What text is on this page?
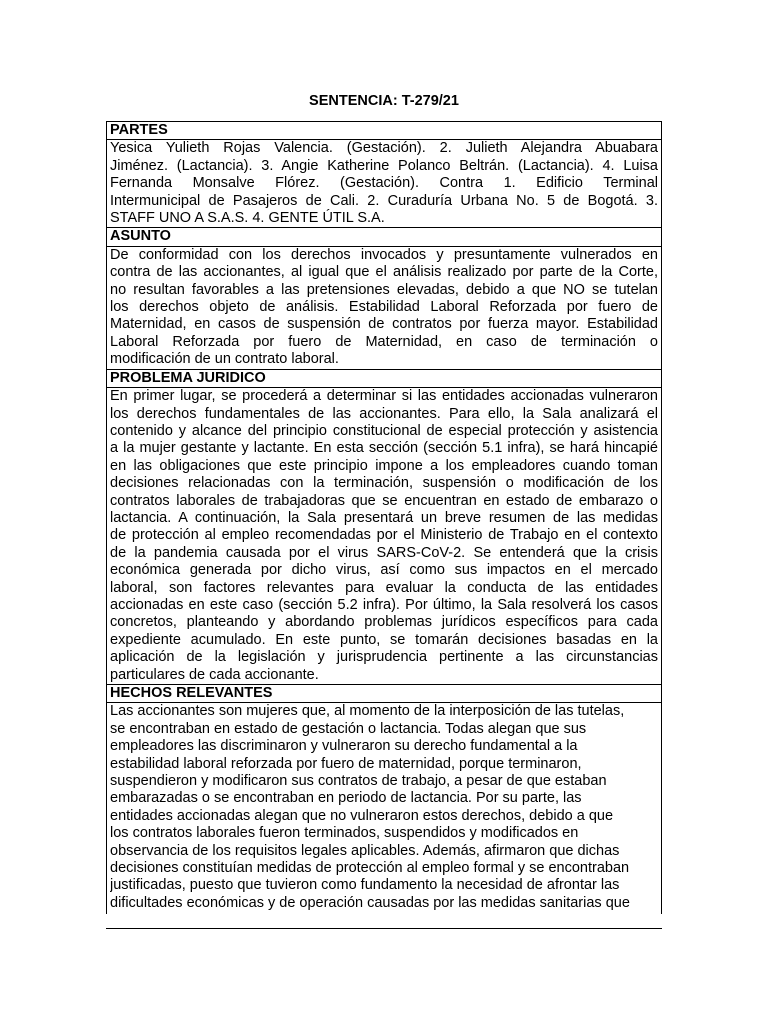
SENTENCIA: T-279/21
PARTES

Yesica Yulieth Rojas Valencia. (Gestación). 2. Julieth Alejandra Abuabara
Jiménez. (Lactancia). 3. Angie Katherine Polanco Beltrán. (Lactancia). 4. Luisa
Fernanda Monsalve Flórez. (Gestación). Contra 1. Edificio Terminal
Intermunicipal de Pasajeros de Cali. 2. Curaduría Urbana No. 5 de Bogotá. 3.
STAFF UNO A S.A.S. 4. GENTE ÚTIL S.A.

ASUNTO

De conformidad con los derechos invocados y presuntamente vulnerados en
contra de las accionantes, al igual que el análisis realizado por parte de la Corte,
no resultan favorables a las pretensiones elevadas, debido a que NO se tutelan
los derechos objeto de análisis. Estabilidad Laboral Reforzada por fuero de
Maternidad, en casos de suspensión de contratos por fuerza mayor. Estabilidad
Laboral Reforzada por fuero de Maternidad, en caso de terminación o
modificación de un contrato laboral.

PROBLEMA JURIDICO

En primer lugar, se procederá a determinar si las entidades accionadas vulneraron
los derechos fundamentales de las accionantes. Para ello, la Sala analizará el
contenido y alcance del principio constitucional de especial protección y asistencia
a la mujer gestante y lactante. En esta sección (sección 5.1 infra), se hará hincapié
en las obligaciones que este principio impone a los empleadores cuando toman
decisiones relacionadas con la terminación, suspensión o modificación de los
contratos laborales de trabajadoras que se encuentran en estado de embarazo o
lactancia. A continuación, la Sala presentará un breve resumen de las medidas
de protección al empleo recomendadas por el Ministerio de Trabajo en el contexto
de la pandemia causada por el virus SARS-CoV-2. Se entenderá que la crisis
económica generada por dicho virus, así como sus impactos en el mercado
laboral, son factores relevantes para evaluar la conducta de las entidades
accionadas en este caso (sección 5.2 infra). Por último, la Sala resolverá los casos
concretos, planteando y abordando problemas jurídicos específicos para cada
expediente acumulado. En este punto, se tomarán decisiones basadas en la
aplicación de la legislación y jurisprudencia pertinente a las circunstancias
particulares de cada accionante.

HECHOS RELEVANTES

Las accionantes son mujeres que, al momento de la interposición de las tutelas,
se encontraban en estado de gestación o lactancia. Todas alegan que sus
empleadores las discriminaron y vulneraron su derecho fundamental a la
estabilidad laboral reforzada por fuero de maternidad, porque terminaron,
suspendieron y modificaron sus contratos de trabajo, a pesar de que estaban
embarazadas o se encontraban en periodo de lactancia. Por su parte, las
entidades accionadas alegan que no vulneraron estos derechos, debido a que
los contratos laborales fueron terminados, suspendidos y modificados en
observancia de los requisitos legales aplicables. Además, afirmaron que dichas
decisiones constituían medidas de protección al empleo formal y se encontraban
justificadas, puesto que tuvieron como fundamento la necesidad de afrontar las
dificultades económicas y de operación causadas por las medidas sanitarias que
